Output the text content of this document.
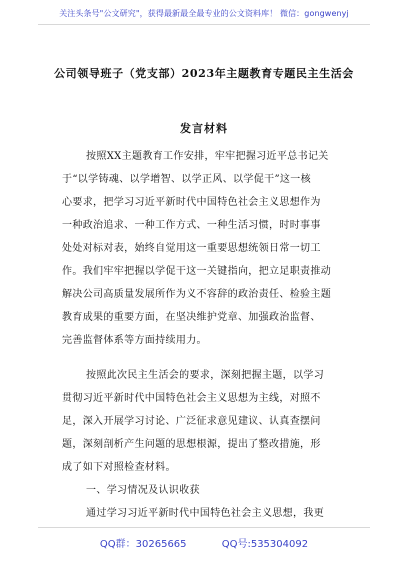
关注头条号"公文研究"，获得最新最全最专业的公文资料库！ 微信：gongwenyj
公司领导班子（党支部）2023年主题教育专题民主生活会
发言材料
按照XX主题教育工作安排，牢牢把握习近平总书记关
于“以学铸魂、以学增智、以学正风、以学促干”这一核
心要求，把学习习近平新时代中国特色社会主义思想作为
一种政治追求、一种工作方式、一种生活习惯，时时事事
处处对标对表，始终自觉用这一重要思想统领日常一切工
作。我们牢牢把握以学促干这一关键指向，把立足职责推动
解决公司高质量发展所作为义不容辞的政治责任、检验主题
教育成果的重要方面，在坚决维护党章、加强政治监督、
完善监督体系等方面持续用力。
按照此次民主生活会的要求，深刻把握主题，以学习
贯彻习近平新时代中国特色社会主义思想为主线，对照不
足，深入开展学习讨论、广泛征求意见建议、认真查摆问
题，深刻剖析产生问题的思想根源，提出了整改措施，形
成了如下对照检查材料。
一、学习情况及认识收获
通过学习习近平新时代中国特色社会主义思想，我更
QQ群：30265665	QQ号:535304092
